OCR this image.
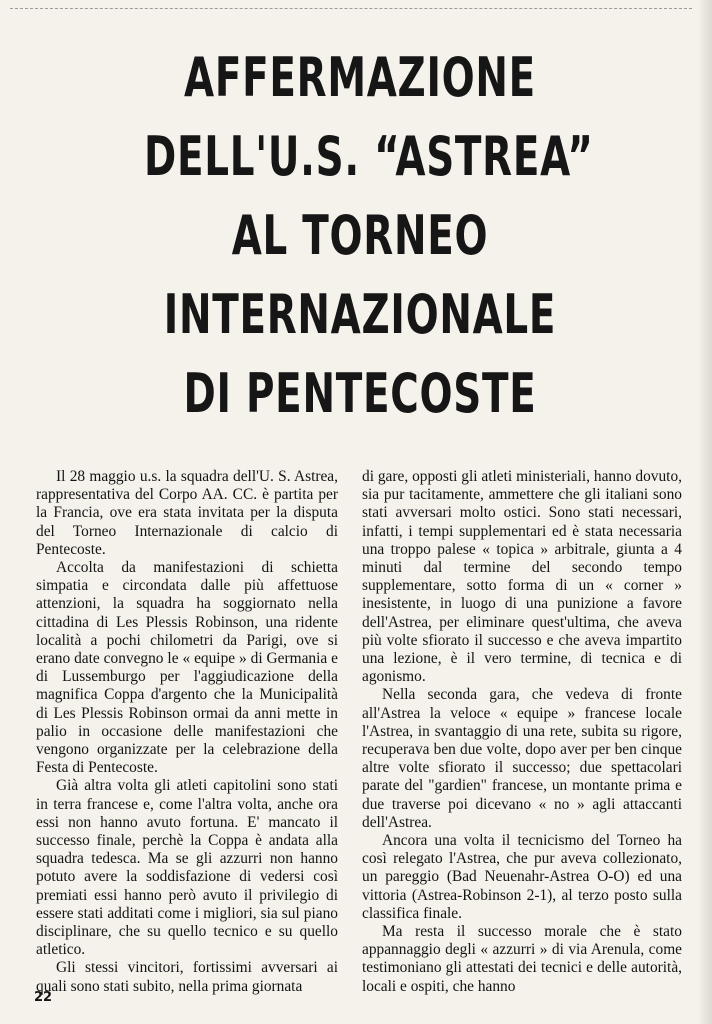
AFFERMAZIONE
DELL'U.S. “ASTREA”
AL TORNEO
INTERNAZIONALE
DI PENTECOSTE

Il 28 maggio u.s. la squadra dell'U. S. Astrea, rappresentativa del Corpo AA. CC. è partita per la Francia, ove era stata invitata per la disputa del Torneo Internazionale di calcio di Pentecoste.

Accolta da manifestazioni di schietta simpatia e circondata dalle più affettuose attenzioni, la squadra ha soggiornato nella cittadina di Les Plessis Robinson, una ridente località a pochi chilometri da Parigi, ove si erano date convegno le « equipe » di Germania e di Lussemburgo per l'aggiudicazione della magnifica Coppa d'argento che la Municipalità di Les Plessis Robinson ormai da anni mette in palio in occasione delle manifestazioni che vengono organizzate per la celebrazione della Festa di Pentecoste.

Già altra volta gli atleti capitolini sono stati in terra francese e, come l'altra volta, anche ora essi non hanno avuto fortuna. E' mancato il successo finale, perchè la Coppa è andata alla squadra tedesca. Ma se gli azzurri non hanno potuto avere la soddisfazione di vedersi così premiati essi hanno però avuto il privilegio di essere stati additati come i migliori, sia sul piano disciplinare, che su quello tecnico e su quello atletico.

Gli stessi vincitori, fortissimi avversari ai quali sono stati subito, nella prima giornata

di gare, opposti gli atleti ministeriali, hanno dovuto, sia pur tacitamente, ammettere che gli italiani sono stati avversari molto ostici. Sono stati necessari, infatti, i tempi supplementari ed è stata necessaria una troppo palese « topica » arbitrale, giunta a 4 minuti dal termine del secondo tempo supplementare, sotto forma di un « corner » inesistente, in luogo di una punizione a favore dell'Astrea, per eliminare quest'ultima, che aveva più volte sfiorato il successo e che aveva impartito una lezione, è il vero termine, di tecnica e di agonismo.

Nella seconda gara, che vedeva di fronte all'Astrea la veloce « equipe » francese locale l'Astrea, in svantaggio di una rete, subita su rigore, recuperava ben due volte, dopo aver per ben cinque altre volte sfiorato il successo; due spettacolari parate del "gardien" francese, un montante prima e due traverse poi dicevano « no » agli attaccanti dell'Astrea.

Ancora una volta il tecnicismo del Torneo ha così relegato l'Astrea, che pur aveva collezionato, un pareggio (Bad Neuenahr-Astrea O-O) ed una vittoria (Astrea-Robinson 2-1), al terzo posto sulla classifica finale.

Ma resta il successo morale che è stato appannaggio degli « azzurri » di via Arenula, come testimoniano gli attestati dei tecnici e delle autorità, locali e ospiti, che hanno

22
